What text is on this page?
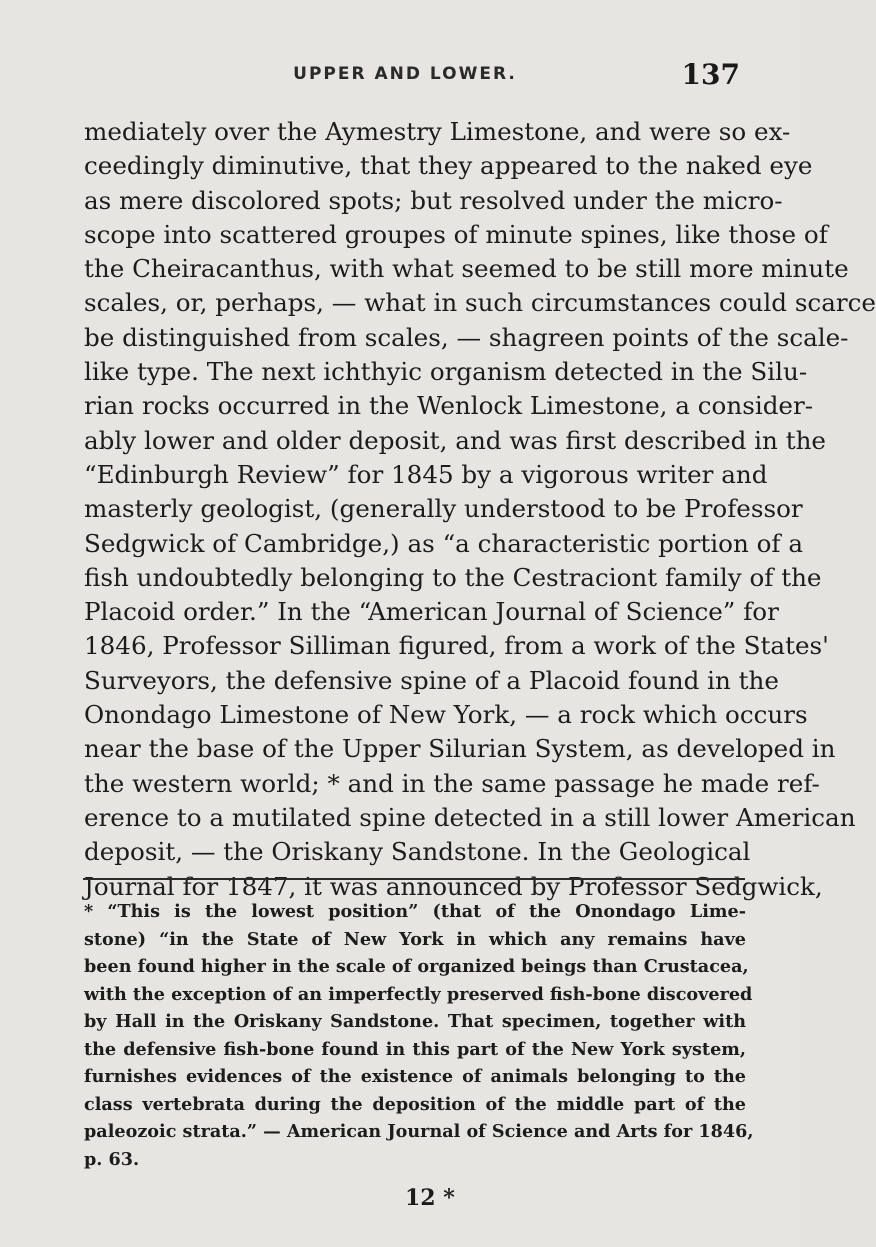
UPPER AND LOWER.	137
mediately over the Aymestry Limestone, and were so ex-
ceedingly diminutive, that they appeared to the naked eye
as mere discolored spots; but resolved under the micro-
scope into scattered groupes of minute spines, like those of
the Cheiracanthus, with what seemed to be still more minute
scales, or, perhaps, — what in such circumstances could scarce
be distinguished from scales, — shagreen points of the scale-
like type. The next ichthyic organism detected in the Silu-
rian rocks occurred in the Wenlock Limestone, a consider-
ably lower and older deposit, and was first described in the
“Edinburgh Review” for 1845 by a vigorous writer and
masterly geologist, (generally understood to be Professor
Sedgwick of Cambridge,) as “a characteristic portion of a
fish undoubtedly belonging to the Cestraciont family of the
Placoid order.” In the “American Journal of Science” for
1846, Professor Silliman figured, from a work of the States'
Surveyors, the defensive spine of a Placoid found in the
Onondago Limestone of New York, — a rock which occurs
near the base of the Upper Silurian System, as developed in
the western world; * and in the same passage he made ref-
erence to a mutilated spine detected in a still lower American
deposit, — the Oriskany Sandstone. In the Geological
Journal for 1847, it was announced by Professor Sedgwick,
* “This is the lowest position” (that of the Onondago Lime-
stone) “in the State of New York in which any remains have
been found higher in the scale of organized beings than Crustacea,
with the exception of an imperfectly preserved fish-bone discovered
by Hall in the Oriskany Sandstone. That specimen, together with
the defensive fish-bone found in this part of the New York system,
furnishes evidences of the existence of animals belonging to the
class vertebrata during the deposition of the middle part of the
paleozoic strata.” — American Journal of Science and Arts for 1846,
p. 63.
12 *
